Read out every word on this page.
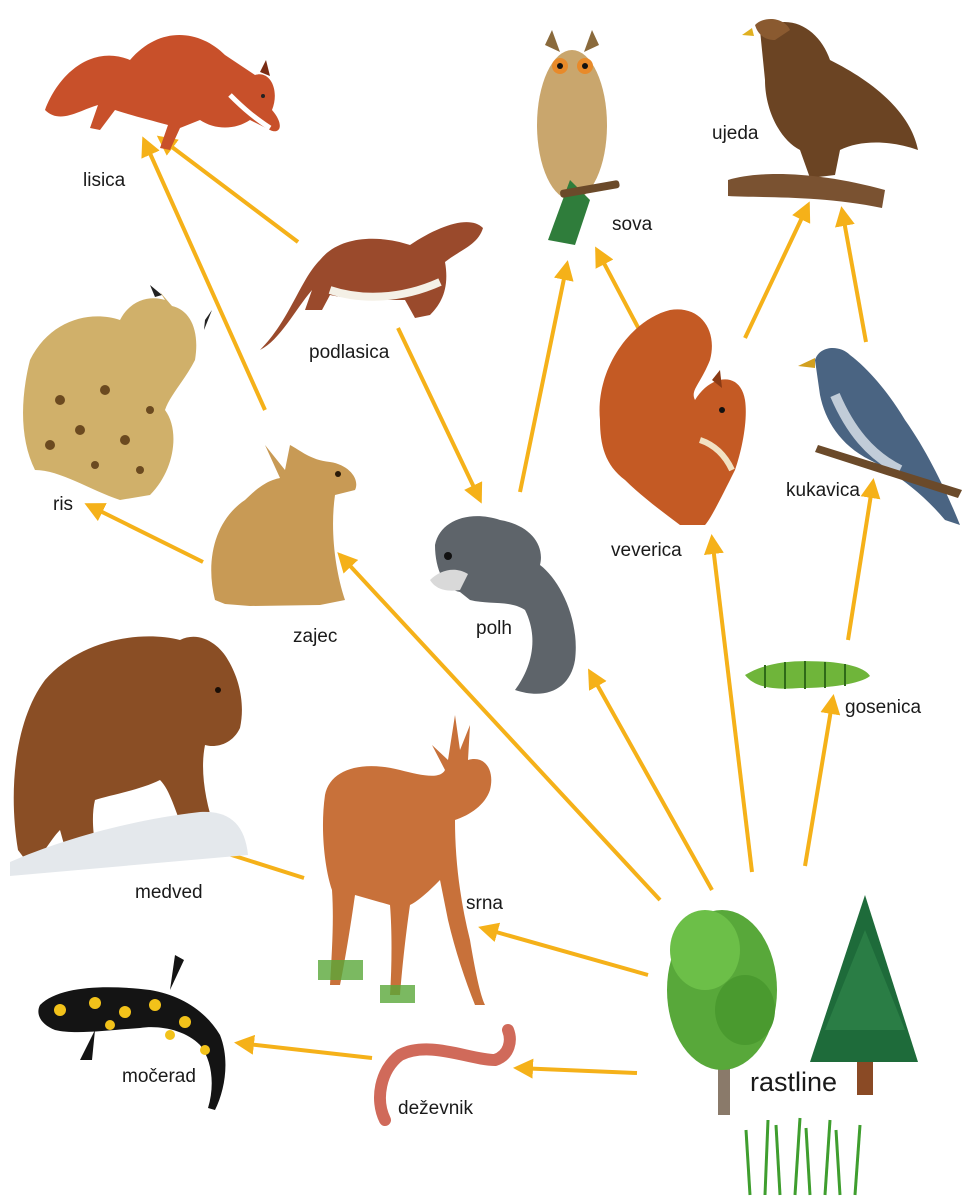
lisica
ujeda
sova
podlasica
ris
kukavica
veverica
polh
zajec
gosenica
medved
srna
rastline
močerad
deževnik
